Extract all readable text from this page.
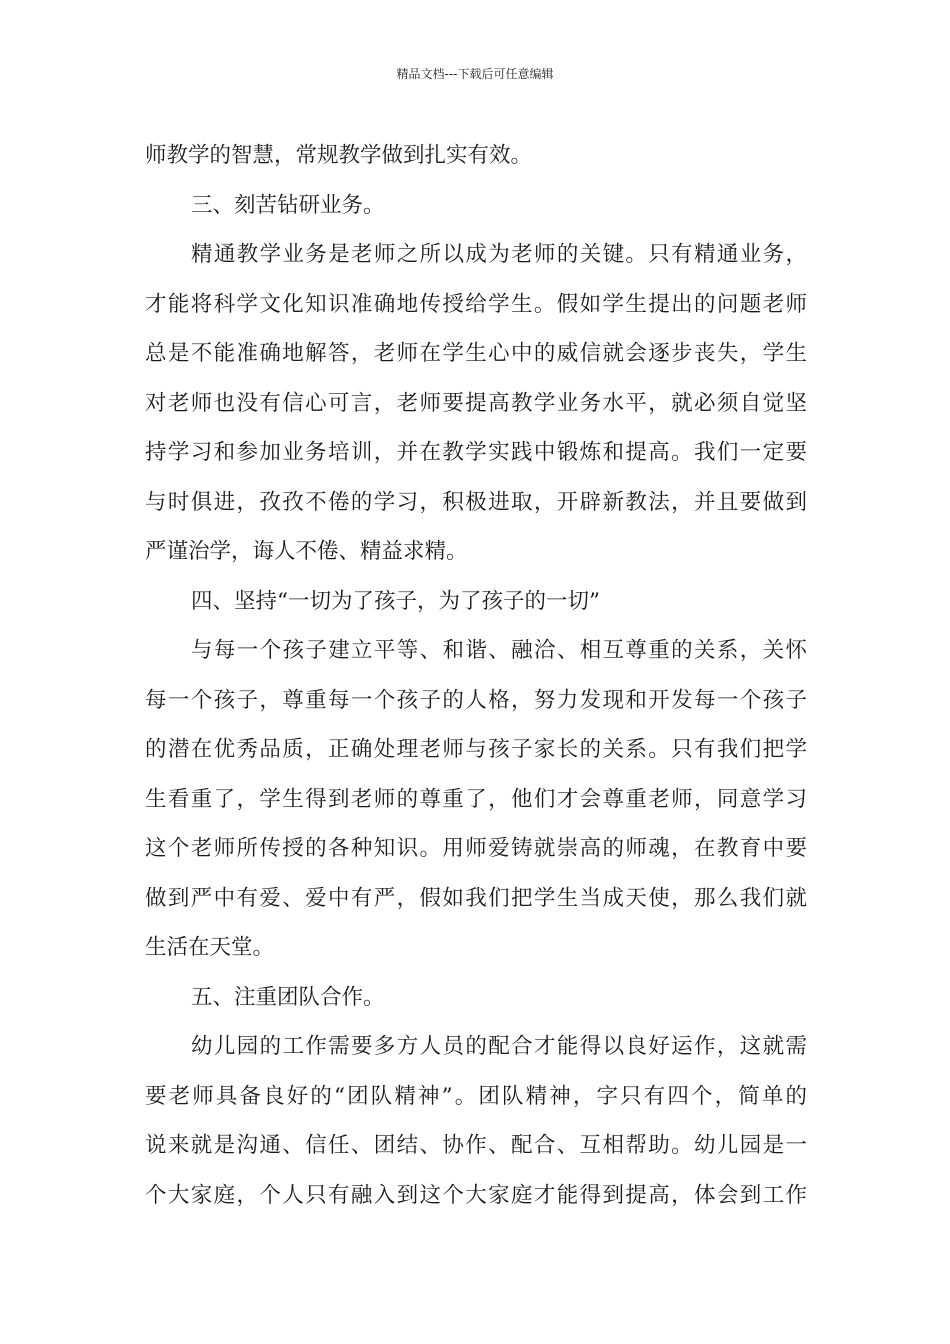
精品文档---下载后可任意编辑
师教学的智慧，常规教学做到扎实有效。
三、刻苦钻研业务。
精通教学业务是老师之所以成为老师的关键。只有精通业务，
才能将科学文化知识准确地传授给学生。假如学生提出的问题老师
总是不能准确地解答，老师在学生心中的威信就会逐步丧失，学生
对老师也没有信心可言，老师要提高教学业务水平，就必须自觉坚
持学习和参加业务培训，并在教学实践中锻炼和提高。我们一定要
与时俱进，孜孜不倦的学习，积极进取，开辟新教法，并且要做到
严谨治学，诲人不倦、精益求精。
四、坚持“一切为了孩子，为了孩子的一切”
与每一个孩子建立平等、和谐、融洽、相互尊重的关系，关怀
每一个孩子，尊重每一个孩子的人格，努力发现和开发每一个孩子
的潜在优秀品质，正确处理老师与孩子家长的关系。只有我们把学
生看重了，学生得到老师的尊重了，他们才会尊重老师，同意学习
这个老师所传授的各种知识。用师爱铸就崇高的师魂，在教育中要
做到严中有爱、爱中有严，假如我们把学生当成天使，那么我们就
生活在天堂。
五、注重团队合作。
幼儿园的工作需要多方人员的配合才能得以良好运作，这就需
要老师具备良好的“团队精神”。团队精神，字只有四个，简单的
说来就是沟通、信任、团结、协作、配合、互相帮助。幼儿园是一
个大家庭，个人只有融入到这个大家庭才能得到提高，体会到工作
